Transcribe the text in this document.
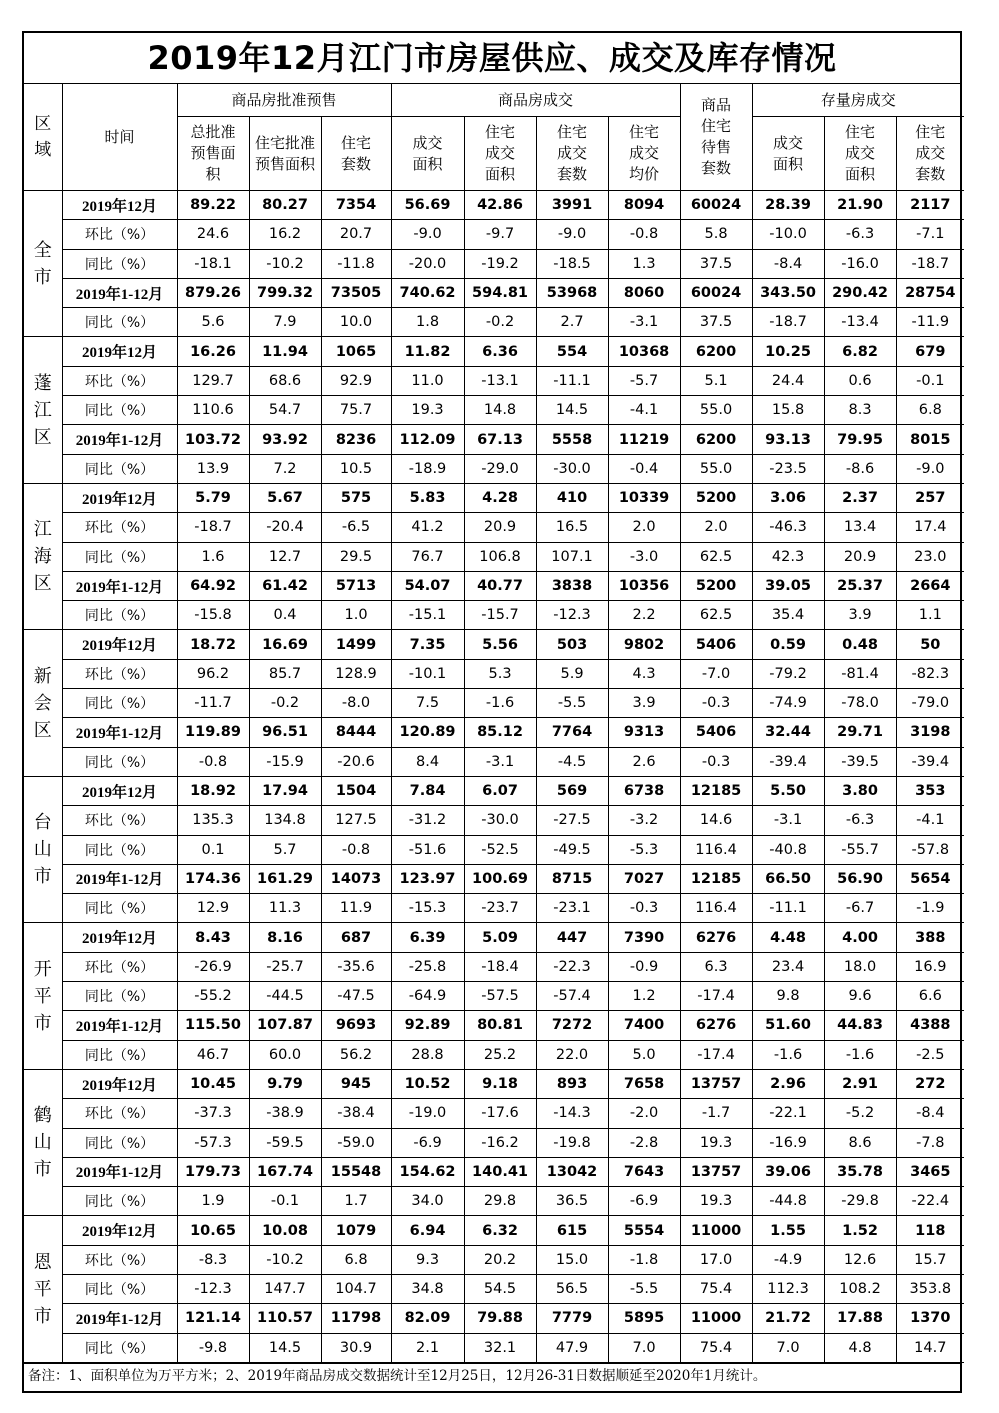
2019年12月江门市房屋供应、成交及库存情况
区域	时间	商品房批准预售			商品房成交				商品住宅待售套数	存量房成交		
		总批准预售面积	住宅批准预售面积	住宅套数	成交面积	住宅成交面积	住宅成交套数	住宅成交均价		成交面积	住宅成交面积	住宅成交套数
全市	2019年12月	89.22	80.27	7354	56.69	42.86	3991	8094	60024	28.39	21.90	2117
	环比（%）	24.6	16.2	20.7	-9.0	-9.7	-9.0	-0.8	5.8	-10.0	-6.3	-7.1
	同比（%）	-18.1	-10.2	-11.8	-20.0	-19.2	-18.5	1.3	37.5	-8.4	-16.0	-18.7
	2019年1-12月	879.26	799.32	73505	740.62	594.81	53968	8060	60024	343.50	290.42	28754
	同比（%）	5.6	7.9	10.0	1.8	-0.2	2.7	-3.1	37.5	-18.7	-13.4	-11.9
蓬江区	2019年12月	16.26	11.94	1065	11.82	6.36	554	10368	6200	10.25	6.82	679
	环比（%）	129.7	68.6	92.9	11.0	-13.1	-11.1	-5.7	5.1	24.4	0.6	-0.1
	同比（%）	110.6	54.7	75.7	19.3	14.8	14.5	-4.1	55.0	15.8	8.3	6.8
	2019年1-12月	103.72	93.92	8236	112.09	67.13	5558	11219	6200	93.13	79.95	8015
	同比（%）	13.9	7.2	10.5	-18.9	-29.0	-30.0	-0.4	55.0	-23.5	-8.6	-9.0
江海区	2019年12月	5.79	5.67	575	5.83	4.28	410	10339	5200	3.06	2.37	257
	环比（%）	-18.7	-20.4	-6.5	41.2	20.9	16.5	2.0	2.0	-46.3	13.4	17.4
	同比（%）	1.6	12.7	29.5	76.7	106.8	107.1	-3.0	62.5	42.3	20.9	23.0
	2019年1-12月	64.92	61.42	5713	54.07	40.77	3838	10356	5200	39.05	25.37	2664
	同比（%）	-15.8	0.4	1.0	-15.1	-15.7	-12.3	2.2	62.5	35.4	3.9	1.1
新会区	2019年12月	18.72	16.69	1499	7.35	5.56	503	9802	5406	0.59	0.48	50
	环比（%）	96.2	85.7	128.9	-10.1	5.3	5.9	4.3	-7.0	-79.2	-81.4	-82.3
	同比（%）	-11.7	-0.2	-8.0	7.5	-1.6	-5.5	3.9	-0.3	-74.9	-78.0	-79.0
	2019年1-12月	119.89	96.51	8444	120.89	85.12	7764	9313	5406	32.44	29.71	3198
	同比（%）	-0.8	-15.9	-20.6	8.4	-3.1	-4.5	2.6	-0.3	-39.4	-39.5	-39.4
台山市	2019年12月	18.92	17.94	1504	7.84	6.07	569	6738	12185	5.50	3.80	353
	环比（%）	135.3	134.8	127.5	-31.2	-30.0	-27.5	-3.2	14.6	-3.1	-6.3	-4.1
	同比（%）	0.1	5.7	-0.8	-51.6	-52.5	-49.5	-5.3	116.4	-40.8	-55.7	-57.8
	2019年1-12月	174.36	161.29	14073	123.97	100.69	8715	7027	12185	66.50	56.90	5654
	同比（%）	12.9	11.3	11.9	-15.3	-23.7	-23.1	-0.3	116.4	-11.1	-6.7	-1.9
开平市	2019年12月	8.43	8.16	687	6.39	5.09	447	7390	6276	4.48	4.00	388
	环比（%）	-26.9	-25.7	-35.6	-25.8	-18.4	-22.3	-0.9	6.3	23.4	18.0	16.9
	同比（%）	-55.2	-44.5	-47.5	-64.9	-57.5	-57.4	1.2	-17.4	9.8	9.6	6.6
	2019年1-12月	115.50	107.87	9693	92.89	80.81	7272	7400	6276	51.60	44.83	4388
	同比（%）	46.7	60.0	56.2	28.8	25.2	22.0	5.0	-17.4	-1.6	-1.6	-2.5
鹤山市	2019年12月	10.45	9.79	945	10.52	9.18	893	7658	13757	2.96	2.91	272
	环比（%）	-37.3	-38.9	-38.4	-19.0	-17.6	-14.3	-2.0	-1.7	-22.1	-5.2	-8.4
	同比（%）	-57.3	-59.5	-59.0	-6.9	-16.2	-19.8	-2.8	19.3	-16.9	8.6	-7.8
	2019年1-12月	179.73	167.74	15548	154.62	140.41	13042	7643	13757	39.06	35.78	3465
	同比（%）	1.9	-0.1	1.7	34.0	29.8	36.5	-6.9	19.3	-44.8	-29.8	-22.4
恩平市	2019年12月	10.65	10.08	1079	6.94	6.32	615	5554	11000	1.55	1.52	118
	环比（%）	-8.3	-10.2	6.8	9.3	20.2	15.0	-1.8	17.0	-4.9	12.6	15.7
	同比（%）	-12.3	147.7	104.7	34.8	54.5	56.5	-5.5	75.4	112.3	108.2	353.8
	2019年1-12月	121.14	110.57	11798	82.09	79.88	7779	5895	11000	21.72	17.88	1370
	同比（%）	-9.8	14.5	30.9	2.1	32.1	47.9	7.0	75.4	7.0	4.8	14.7
备注：1、面积单位为万平方米；2、2019年商品房成交数据统计至12月25日，12月26-31日数据顺延至2020年1月统计。
